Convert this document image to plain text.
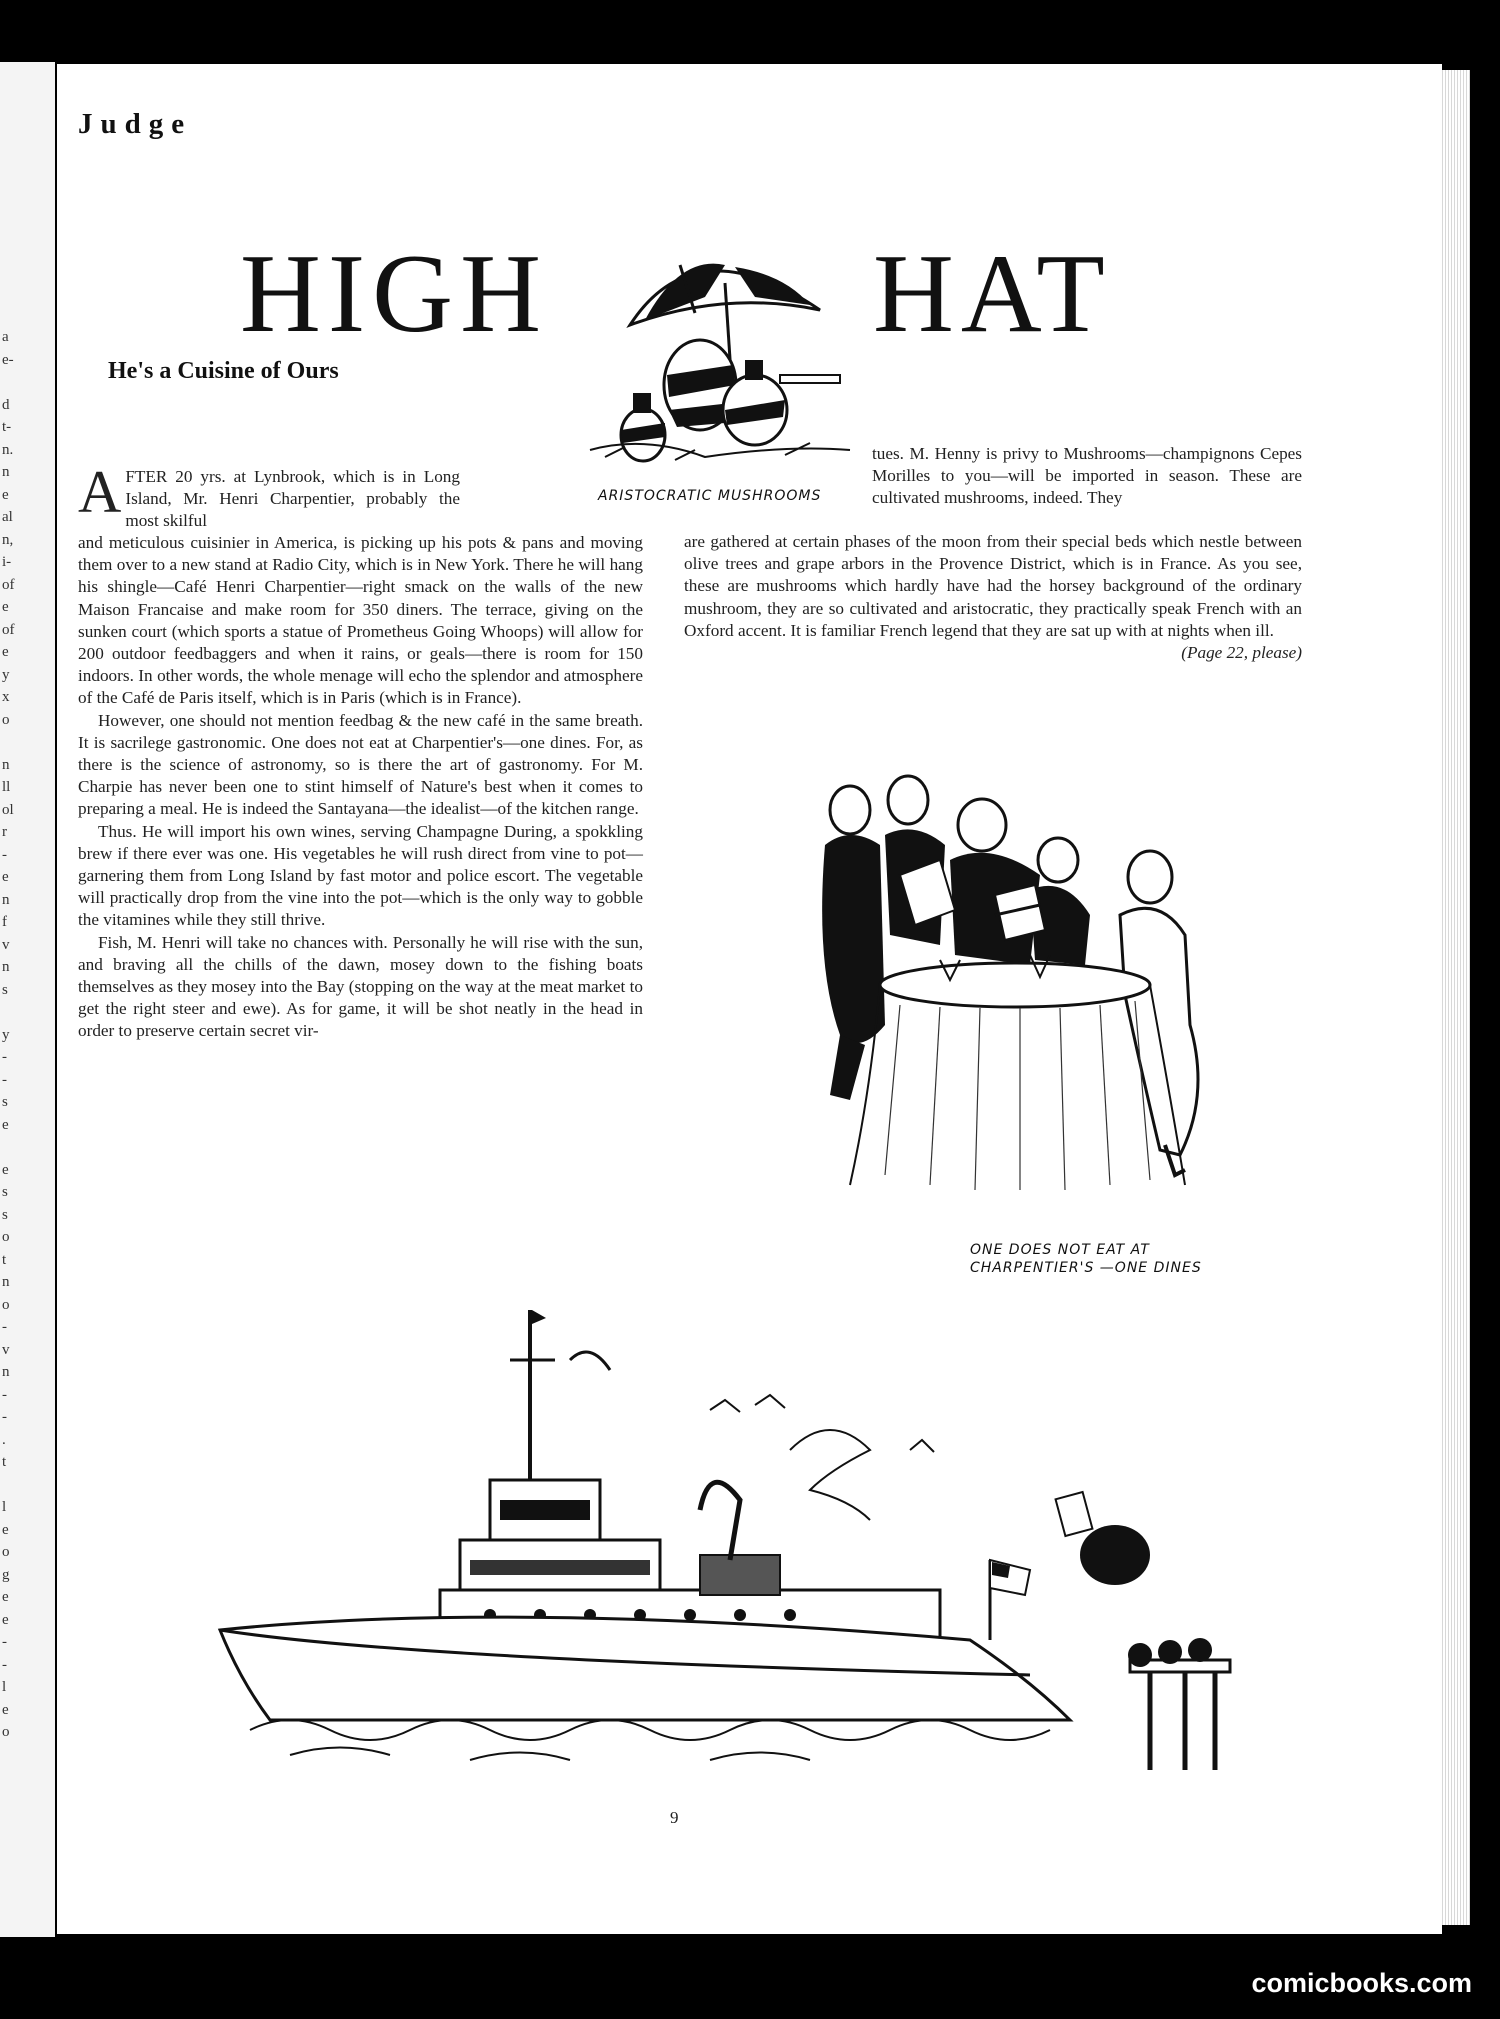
a
e-
d
t-
n.
n
e
al
n,
i-
of
e
of
e
y
x
o
n
ll
ol
r
-
e
n
f
v
n
s
y
-
-
s
e
e
s
s
o
t
n
o
-
v
n
-
-
.
t
l
e
o
g
e
e
-
-
l
e
o
Judge
HIGH	HAT
ARISTOCRATIC MUSHROOMS
He's a Cuisine of Ours

AFTER 20 yrs. at Lynbrook, which is in Long Island, Mr. Henri Charpentier, probably the most skilful

and meticulous cuisinier in America, is picking up his pots & pans and moving them over to a new stand at Radio City, which is in New York. There he will hang his shingle—Café Henri Charpentier—right smack on the walls of the new Maison Francaise and make room for 350 diners. The terrace, giving on the sunken court (which sports a statue of Prometheus Going Whoops) will allow for 200 outdoor feedbaggers and when it rains, or geals—there is room for 150 indoors. In other words, the whole menage will echo the splendor and atmosphere of the Café de Paris itself, which is in Paris (which is in France).

However, one should not mention feedbag & the new café in the same breath. It is sacrilege gastronomic. One does not eat at Charpentier's—one dines. For, as there is the science of astronomy, so is there the art of gastronomy. For M. Charpie has never been one to stint himself of Nature's best when it comes to preparing a meal. He is indeed the Santayana—the idealist—of the kitchen range.

Thus. He will import his own wines, serving Champagne During, a spokkling brew if there ever was one. His vegetables he will rush direct from vine to pot—garnering them from Long Island by fast motor and police escort. The vegetable will practically drop from the vine into the pot—which is the only way to gobble the vitamines while they still thrive.

Fish, M. Henri will take no chances with. Personally he will rise with the sun, and braving all the chills of the dawn, mosey down to the fishing boats themselves as they mosey into the Bay (stopping on the way at the meat market to get the right steer and ewe). As for game, it will be shot neatly in the head in order to preserve certain secret vir-

tues. M. Henny is privy to Mushrooms—champignons Cepes Morilles to you—will be imported in season. These are cultivated mushrooms, indeed. They

are gathered at certain phases of the moon from their special beds which nestle between olive trees and grape arbors in the Provence District, which is in France. As you see, these are mushrooms which hardly have had the horsey background of the ordinary mushroom, they are so cultivated and aristocratic, they practically speak French with an Oxford accent. It is familiar French legend that they are sat up with at nights when ill.
(Page 22, please)

ONE DOES NOT EAT AT
CHARPENTIER'S —ONE DINES
9
comicbooks.com
